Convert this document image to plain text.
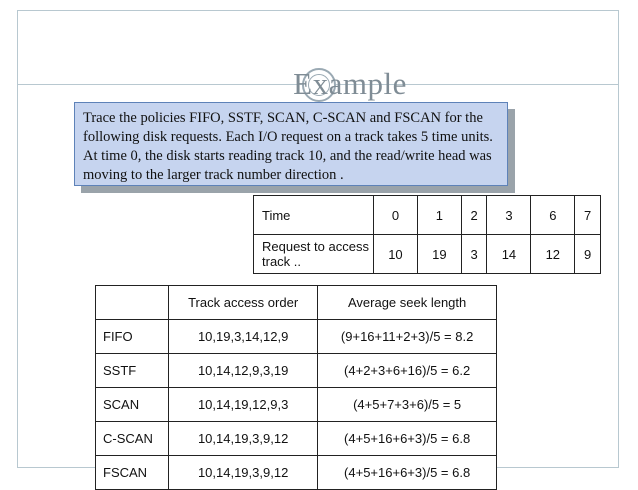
Example
Trace the policies FIFO, SSTF, SCAN, C-SCAN and FSCAN for the following disk requests. Each I/O request on a track takes 5 time units. At time 0, the disk starts reading track 10, and the read/write head was moving to the larger track number direction .
Time	0	1	2	3	6	7
Request to access track ..	10	19	3	14	12	9
	Track access order	Average seek length
FIFO	10,19,3,14,12,9	(9+16+11+2+3)/5 = 8.2
SSTF	10,14,12,9,3,19	(4+2+3+6+16)/5 = 6.2
SCAN	10,14,19,12,9,3	(4+5+7+3+6)/5 = 5
C-SCAN	10,14,19,3,9,12	(4+5+16+6+3)/5 = 6.8
FSCAN	10,14,19,3,9,12	(4+5+16+6+3)/5 = 6.8
